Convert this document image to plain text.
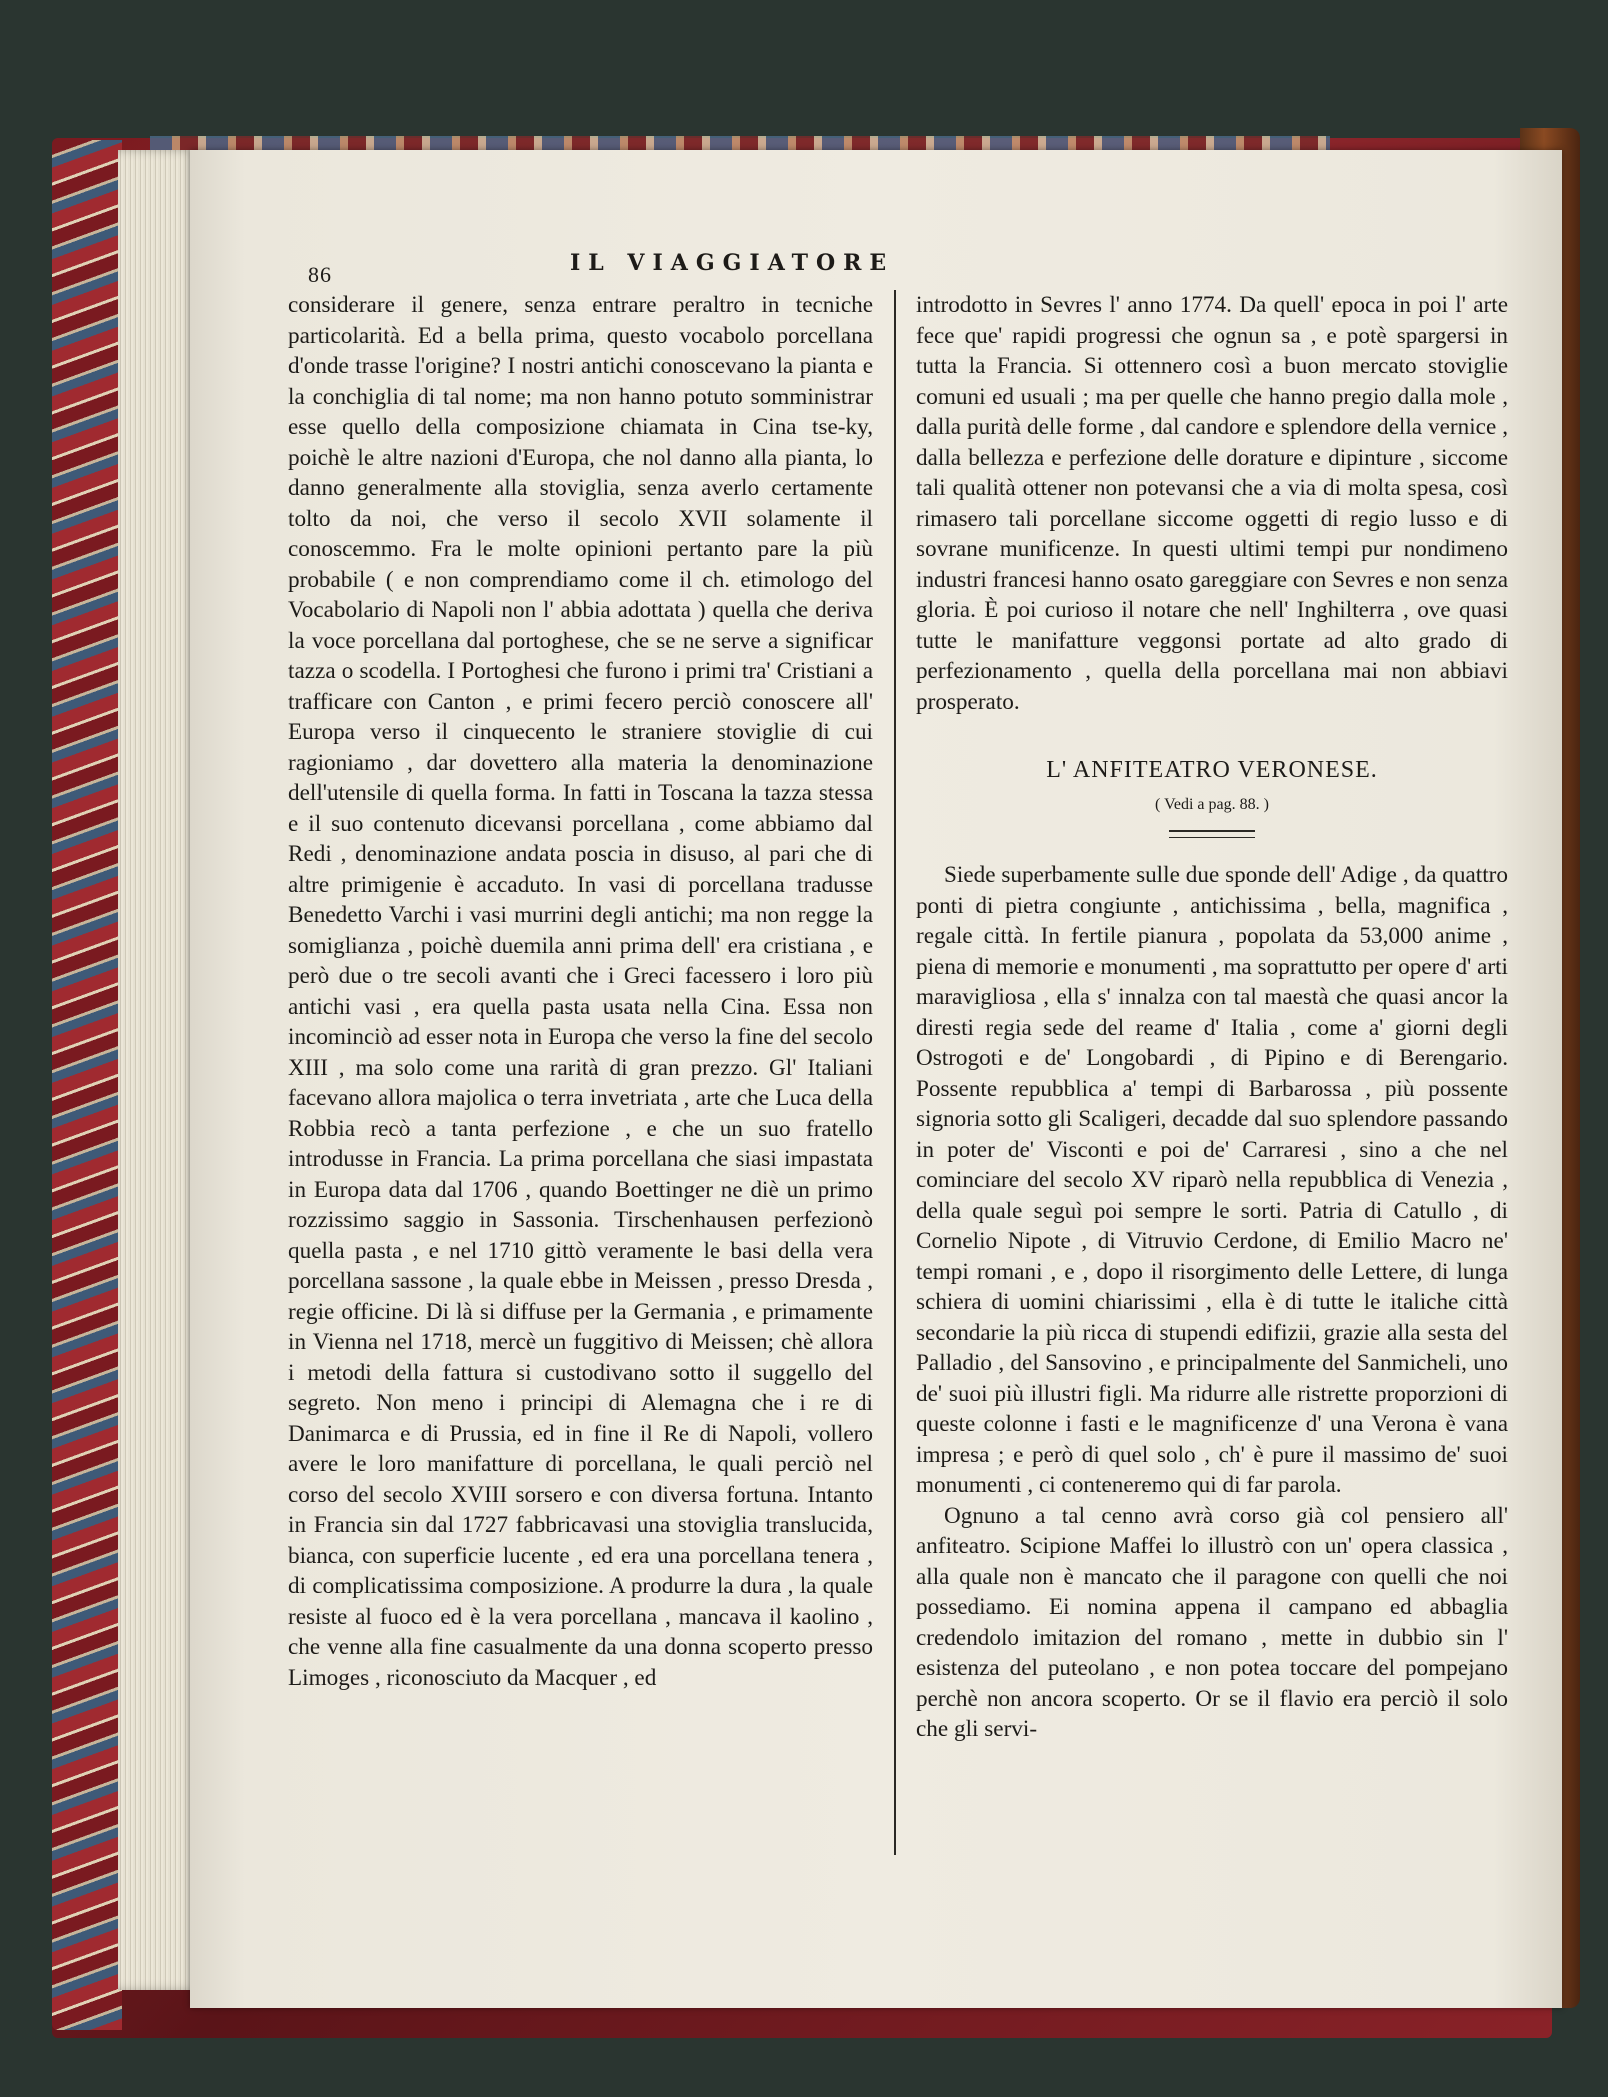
86	IL VIAGGIATORE

considerare il genere, senza entrare peraltro in tecniche particolarità. Ed a bella prima, questo vocabolo porcellana d'onde trasse l'origine? I nostri antichi conoscevano la pianta e la conchiglia di tal nome; ma non hanno potuto somministrar esse quello della composizione chiamata in Cina tse-ky, poichè le altre nazioni d'Europa, che nol danno alla pianta, lo danno generalmente alla stoviglia, senza averlo certamente tolto da noi, che verso il secolo XVII solamente il conoscemmo. Fra le molte opinioni pertanto pare la più probabile ( e non comprendiamo come il ch. etimologo del Vocabolario di Napoli non l' abbia adottata ) quella che deriva la voce porcellana dal portoghese, che se ne serve a significar tazza o scodella. I Portoghesi che furono i primi tra' Cristiani a trafficare con Canton , e primi fecero perciò conoscere all' Europa verso il cinquecento le straniere stoviglie di cui ragioniamo , dar dovettero alla materia la denominazione dell'utensile di quella forma. In fatti in Toscana la tazza stessa e il suo contenuto dicevansi porcellana , come abbiamo dal Redi , denominazione andata poscia in disuso, al pari che di altre primigenie è accaduto. In vasi di porcellana tradusse Benedetto Varchi i vasi murrini degli antichi; ma non regge la somiglianza , poichè duemila anni prima dell' era cristiana , e però due o tre secoli avanti che i Greci facessero i loro più antichi vasi , era quella pasta usata nella Cina. Essa non incominciò ad esser nota in Europa che verso la fine del secolo XIII , ma solo come una rarità di gran prezzo. Gl' Italiani facevano allora majolica o terra invetriata , arte che Luca della Robbia recò a tanta perfezione , e che un suo fratello introdusse in Francia. La prima porcellana che siasi impastata in Europa data dal 1706 , quando Boettinger ne diè un primo rozzissimo saggio in Sassonia. Tirschenhausen perfezionò quella pasta , e nel 1710 gittò veramente le basi della vera porcellana sassone , la quale ebbe in Meissen , presso Dresda , regie officine. Di là si diffuse per la Germania , e primamente in Vienna nel 1718, mercè un fuggitivo di Meissen; chè allora i metodi della fattura si custodivano sotto il suggello del segreto. Non meno i principi di Alemagna che i re di Danimarca e di Prussia, ed in fine il Re di Napoli, vollero avere le loro manifatture di porcellana, le quali perciò nel corso del secolo XVIII sorsero e con diversa fortuna. Intanto in Francia sin dal 1727 fabbricavasi una stoviglia translucida, bianca, con superficie lucente , ed era una porcellana tenera , di complicatissima composizione. A produrre la dura , la quale resiste al fuoco ed è la vera porcellana , mancava il kaolino , che venne alla fine casualmente da una donna scoperto presso Limoges , riconosciuto da Macquer , ed

introdotto in Sevres l' anno 1774. Da quell' epoca in poi l' arte fece que' rapidi progressi che ognun sa , e potè spargersi in tutta la Francia. Si ottennero così a buon mercato stoviglie comuni ed usuali ; ma per quelle che hanno pregio dalla mole , dalla purità delle forme , dal candore e splendore della vernice , dalla bellezza e perfezione delle dorature e dipinture , siccome tali qualità ottener non potevansi che a via di molta spesa, così rimasero tali porcellane siccome oggetti di regio lusso e di sovrane munificenze. In questi ultimi tempi pur nondimeno industri francesi hanno osato gareggiare con Sevres e non senza gloria. È poi curioso il notare che nell' Inghilterra , ove quasi tutte le manifatture veggonsi portate ad alto grado di perfezionamento , quella della porcellana mai non abbiavi prosperato.

L' ANFITEATRO VERONESE.
( Vedi a pag. 88. )

Siede superbamente sulle due sponde dell' Adige , da quattro ponti di pietra congiunte , antichissima , bella, magnifica , regale città. In fertile pianura , popolata da 53,000 anime , piena di memorie e monumenti , ma soprattutto per opere d' arti maravigliosa , ella s' innalza con tal maestà che quasi ancor la diresti regia sede del reame d' Italia , come a' giorni degli Ostrogoti e de' Longobardi , di Pipino e di Berengario. Possente repubblica a' tempi di Barbarossa , più possente signoria sotto gli Scaligeri, decadde dal suo splendore passando in poter de' Visconti e poi de' Carraresi , sino a che nel cominciare del secolo XV riparò nella repubblica di Venezia , della quale seguì poi sempre le sorti. Patria di Catullo , di Cornelio Nipote , di Vitruvio Cerdone, di Emilio Macro ne' tempi romani , e , dopo il risorgimento delle Lettere, di lunga schiera di uomini chiarissimi , ella è di tutte le italiche città secondarie la più ricca di stupendi edifizii, grazie alla sesta del Palladio , del Sansovino , e principalmente del Sanmicheli, uno de' suoi più illustri figli. Ma ridurre alle ristrette proporzioni di queste colonne i fasti e le magnificenze d' una Verona è vana impresa ; e però di quel solo , ch' è pure il massimo de' suoi monumenti , ci conteneremo qui di far parola.

Ognuno a tal cenno avrà corso già col pensiero all' anfiteatro. Scipione Maffei lo illustrò con un' opera classica , alla quale non è mancato che il paragone con quelli che noi possediamo. Ei nomina appena il campano ed abbaglia credendolo imitazion del romano , mette in dubbio sin l' esistenza del puteolano , e non potea toccare del pompejano perchè non ancora scoperto. Or se il flavio era perciò il solo che gli servi-
